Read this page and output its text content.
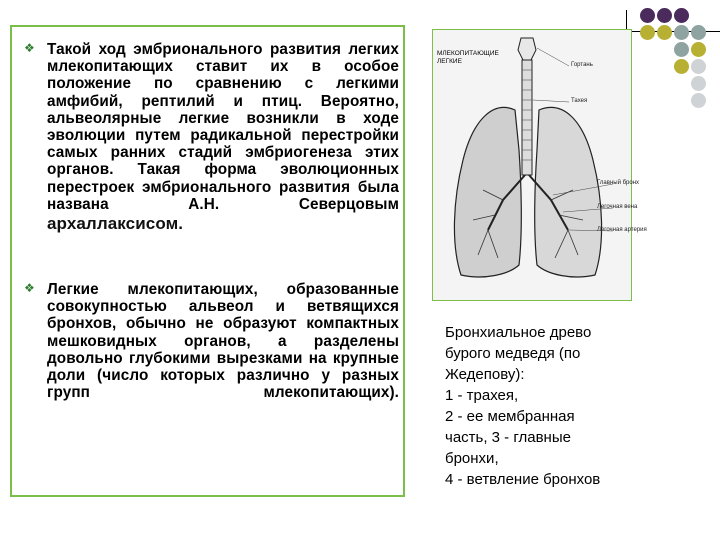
❖ Такой ход эмбрионального развития легких млекопитающих ставит их в особое положение по сравнению с легкими амфибий, рептилий и птиц. Вероятно, альвеолярные легкие возникли в ходе эволюции путем радикальной перестройки самых ранних стадий эмбриогенеза этих органов. Такая форма эволюционных перестроек эмбрионального развития была названа А.Н. Северцовым
архаллаксисом.
❖ Легкие млекопитающих, образованные совокупностью альвеол и ветвящихся бронхов, обычно не образуют компактных мешковидных органов, а разделены довольно глубокими вырезками на крупные доли (число которых различно у разных групп млекопитающих).
МЛЕКОПИТАЮЩИЕ
ЛЕГКИЕ	Гортань
Тахея
Главный бронх
Легочная вена
Легочная артерия
Бронхиальное древо
бурого медведя (по
Жедепову):
1 - трахея,
2 - ее мембранная
часть, 3 - главные
бронхи,
4 - ветвление бронхов
